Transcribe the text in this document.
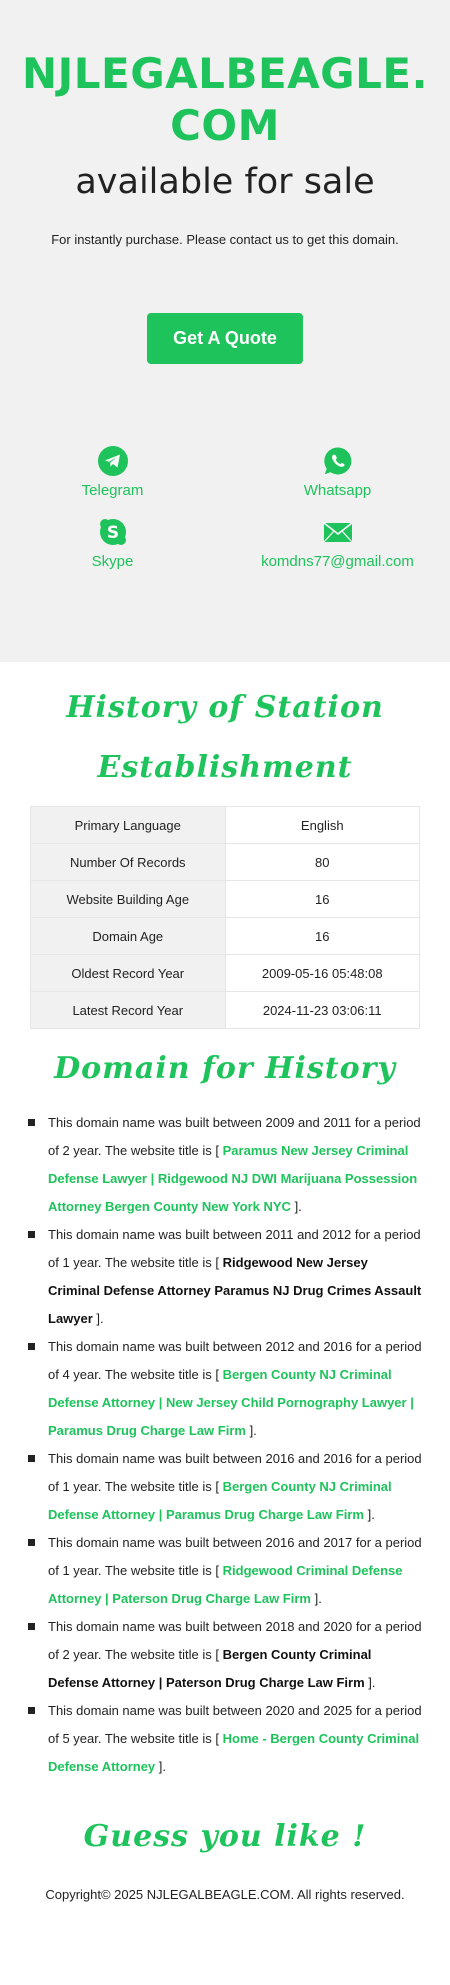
NJLEGALBEAGLE.COM
available for sale

For instantly purchase. Please contact us to get this domain.

Get A Quote
Telegram	Whatsapp
S
Skype	komdns77@gmail.com
History of Station Establishment
Primary Language	English
Number Of Records	80
Website Building Age	16
Domain Age	16
Oldest Record Year	2009-05-16 05:48:08
Latest Record Year	2024-11-23 03:06:11
Domain for History
This domain name was built between 2009 and 2011 for a period of 2 year. The website title is [ Paramus New Jersey Criminal Defense Lawyer | Ridgewood NJ DWI Marijuana Possession Attorney Bergen County New York NYC ].
This domain name was built between 2011 and 2012 for a period of 1 year. The website title is [ Ridgewood New Jersey Criminal Defense Attorney Paramus NJ Drug Crimes Assault Lawyer ].
This domain name was built between 2012 and 2016 for a period of 4 year. The website title is [ Bergen County NJ Criminal Defense Attorney | New Jersey Child Pornography Lawyer | Paramus Drug Charge Law Firm ].
This domain name was built between 2016 and 2016 for a period of 1 year. The website title is [ Bergen County NJ Criminal Defense Attorney | Paramus Drug Charge Law Firm ].
This domain name was built between 2016 and 2017 for a period of 1 year. The website title is [ Ridgewood Criminal Defense Attorney | Paterson Drug Charge Law Firm ].
This domain name was built between 2018 and 2020 for a period of 2 year. The website title is [ Bergen County Criminal Defense Attorney | Paterson Drug Charge Law Firm ].
This domain name was built between 2020 and 2025 for a period of 5 year. The website title is [ Home - Bergen County Criminal Defense Attorney ].
Guess you like !
Copyright© 2025 NJLEGALBEAGLE.COM. All rights reserved.
